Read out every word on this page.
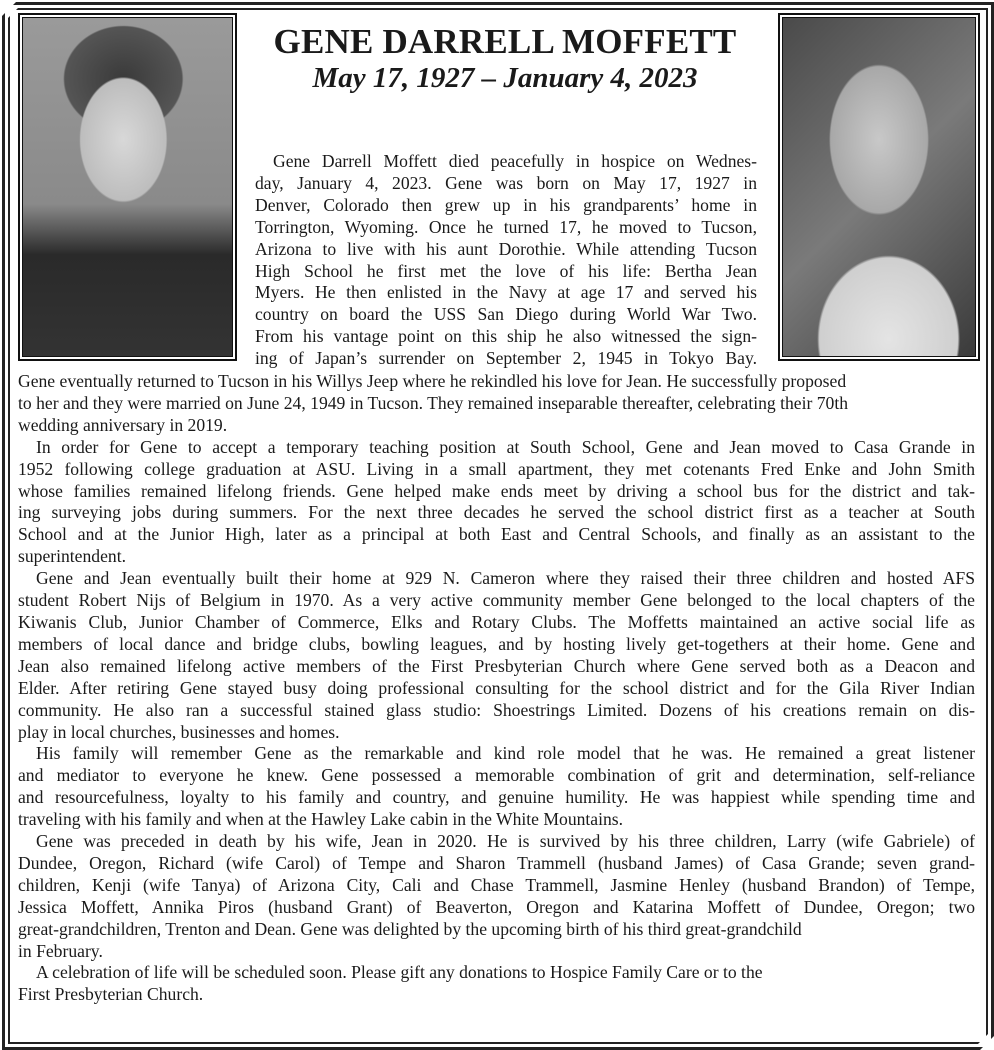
GENE DARRELL MOFFETT
May 17, 1927 – January 4, 2023
Gene Darrell Moffett died peacefully in hospice on Wednes-
day, January 4, 2023. Gene was born on May 17, 1927 in
Denver, Colorado then grew up in his grandparents’ home in
Torrington, Wyoming. Once he turned 17, he moved to Tucson,
Arizona to live with his aunt Dorothie. While attending Tucson
High School he first met the love of his life: Bertha Jean
Myers. He then enlisted in the Navy at age 17 and served his
country on board the USS San Diego during World War Two.
From his vantage point on this ship he also witnessed the sign-
ing of Japan’s surrender on September 2, 1945 in Tokyo Bay.
Gene eventually returned to Tucson in his Willys Jeep where he rekindled his love for Jean. He successfully proposed
to her and they were married on June 24, 1949 in Tucson. They remained inseparable thereafter, celebrating their 70th
wedding anniversary in 2019.
In order for Gene to accept a temporary teaching position at South School, Gene and Jean moved to Casa Grande in
1952 following college graduation at ASU. Living in a small apartment, they met cotenants Fred Enke and John Smith
whose families remained lifelong friends. Gene helped make ends meet by driving a school bus for the district and tak-
ing surveying jobs during summers. For the next three decades he served the school district first as a teacher at South
School and at the Junior High, later as a principal at both East and Central Schools, and finally as an assistant to the
superintendent.
Gene and Jean eventually built their home at 929 N. Cameron where they raised their three children and hosted AFS
student Robert Nijs of Belgium in 1970. As a very active community member Gene belonged to the local chapters of the
Kiwanis Club, Junior Chamber of Commerce, Elks and Rotary Clubs. The Moffetts maintained an active social life as
members of local dance and bridge clubs, bowling leagues, and by hosting lively get-togethers at their home. Gene and
Jean also remained lifelong active members of the First Presbyterian Church where Gene served both as a Deacon and
Elder. After retiring Gene stayed busy doing professional consulting for the school district and for the Gila River Indian
community. He also ran a successful stained glass studio: Shoestrings Limited. Dozens of his creations remain on dis-
play in local churches, businesses and homes.
His family will remember Gene as the remarkable and kind role model that he was. He remained a great listener
and mediator to everyone he knew. Gene possessed a memorable combination of grit and determination, self-reliance
and resourcefulness, loyalty to his family and country, and genuine humility. He was happiest while spending time and
traveling with his family and when at the Hawley Lake cabin in the White Mountains.
Gene was preceded in death by his wife, Jean in 2020. He is survived by his three children, Larry (wife Gabriele) of
Dundee, Oregon, Richard (wife Carol) of Tempe and Sharon Trammell (husband James) of Casa Grande; seven grand-
children, Kenji (wife Tanya) of Arizona City, Cali and Chase Trammell, Jasmine Henley (husband Brandon) of Tempe,
Jessica Moffett, Annika Piros (husband Grant) of Beaverton, Oregon and Katarina Moffett of Dundee, Oregon; two
great-grandchildren, Trenton and Dean. Gene was delighted by the upcoming birth of his third great-grandchild
in February.
A celebration of life will be scheduled soon. Please gift any donations to Hospice Family Care or to the
First Presbyterian Church.
